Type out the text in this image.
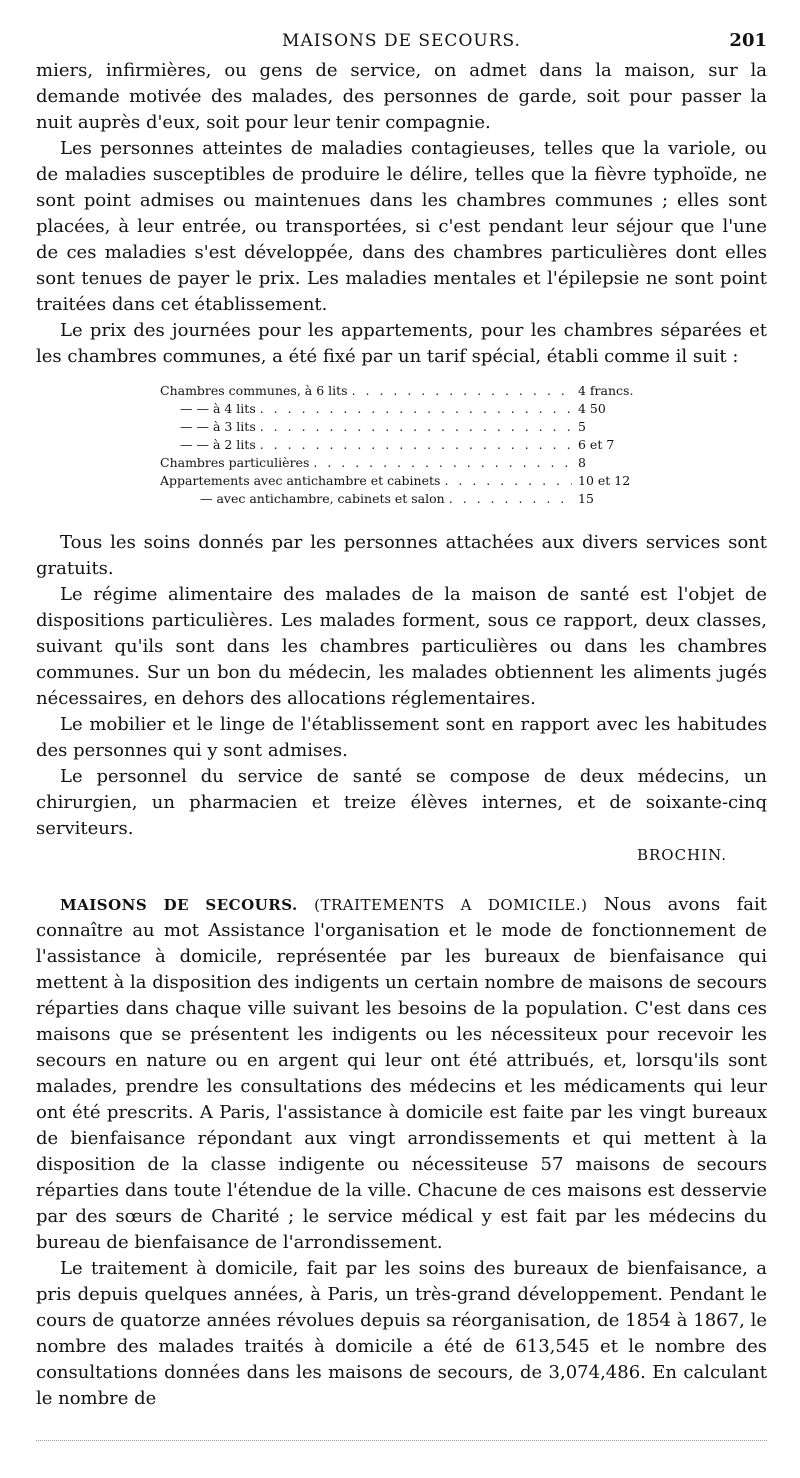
MAISONS DE SECOURS.	201

miers, infirmières, ou gens de service, on admet dans la maison, sur la demande motivée des malades, des personnes de garde, soit pour passer la nuit auprès d'eux, soit pour leur tenir compagnie.

Les personnes atteintes de maladies contagieuses, telles que la variole, ou de maladies susceptibles de produire le délire, telles que la fièvre typhoïde, ne sont point admises ou maintenues dans les chambres communes ; elles sont placées, à leur entrée, ou transportées, si c'est pendant leur séjour que l'une de ces maladies s'est développée, dans des chambres particulières dont elles sont tenues de payer le prix. Les maladies mentales et l'épilepsie ne sont point traitées dans cet établissement.

Le prix des journées pour les appartements, pour les chambres séparées et les chambres communes, a été fixé par un tarif spécial, établi comme il suit :

Chambres communes, à 6 lits . . .	4 francs.
— — à 4 lits . . .	4 50
— — à 3 lits . . .	5
— — à 2 lits . . .	6 et 7
Chambres particulières . . .	8
Appartements avec antichambre et cabinets . . .	10 et 12
— avec antichambre, cabinets et salon . . .	15

Tous les soins donnés par les personnes attachées aux divers services sont gratuits.

Le régime alimentaire des malades de la maison de santé est l'objet de dispositions particulières. Les malades forment, sous ce rapport, deux classes, suivant qu'ils sont dans les chambres particulières ou dans les chambres communes. Sur un bon du médecin, les malades obtiennent les aliments jugés nécessaires, en dehors des allocations réglementaires.

Le mobilier et le linge de l'établissement sont en rapport avec les habitudes des personnes qui y sont admises.

Le personnel du service de santé se compose de deux médecins, un chirurgien, un pharmacien et treize élèves internes, et de soixante-cinq serviteurs.

BROCHIN.

MAISONS DE SECOURS. (TRAITEMENTS A DOMICILE.) Nous avons fait connaître au mot Assistance l'organisation et le mode de fonctionnement de l'assistance à domicile, représentée par les bureaux de bienfaisance qui mettent à la disposition des indigents un certain nombre de maisons de secours réparties dans chaque ville suivant les besoins de la population. C'est dans ces maisons que se présentent les indigents ou les nécessiteux pour recevoir les secours en nature ou en argent qui leur ont été attribués, et, lorsqu'ils sont malades, prendre les consultations des médecins et les médicaments qui leur ont été prescrits. A Paris, l'assistance à domicile est faite par les vingt bureaux de bienfaisance répondant aux vingt arrondissements et qui mettent à la disposition de la classe indigente ou nécessiteuse 57 maisons de secours réparties dans toute l'étendue de la ville. Chacune de ces maisons est desservie par des sœurs de Charité ; le service médical y est fait par les médecins du bureau de bienfaisance de l'arrondissement.

Le traitement à domicile, fait par les soins des bureaux de bienfaisance, a pris depuis quelques années, à Paris, un très-grand développement. Pendant le cours de quatorze années révolues depuis sa réorganisation, de 1854 à 1867, le nombre des malades traités à domicile a été de 613,545 et le nombre des consultations données dans les maisons de secours, de 3,074,486. En calculant le nombre de
